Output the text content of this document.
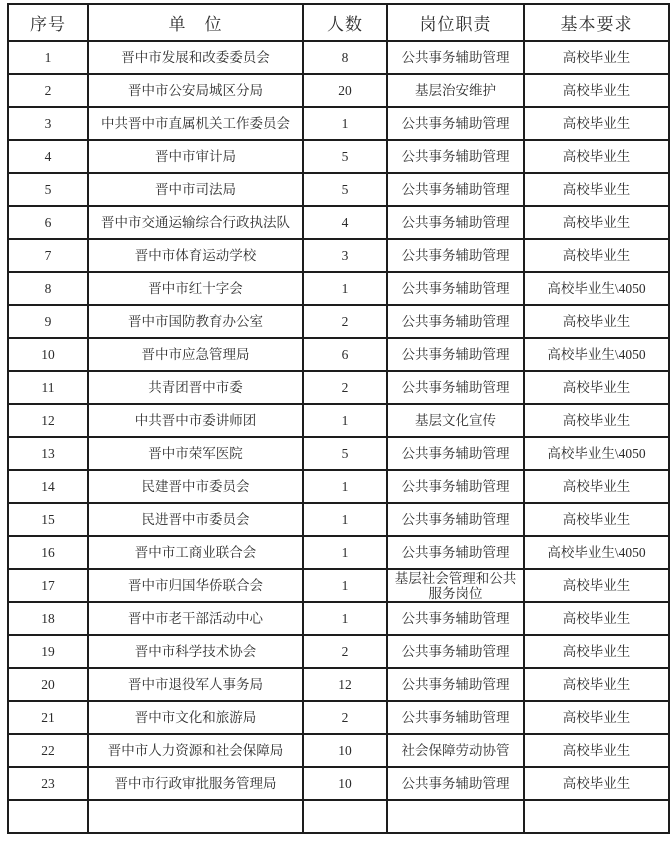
序号	单　位	人数	岗位职责	基本要求
1	晋中市发展和改委委员会	8	公共事务辅助管理	高校毕业生
2	晋中市公安局城区分局	20	基层治安维护	高校毕业生
3	中共晋中市直属机关工作委员会	1	公共事务辅助管理	高校毕业生
4	晋中市审计局	5	公共事务辅助管理	高校毕业生
5	晋中市司法局	5	公共事务辅助管理	高校毕业生
6	晋中市交通运输综合行政执法队	4	公共事务辅助管理	高校毕业生
7	晋中市体育运动学校	3	公共事务辅助管理	高校毕业生
8	晋中市红十字会	1	公共事务辅助管理	高校毕业生\4050
9	晋中市国防教育办公室	2	公共事务辅助管理	高校毕业生
10	晋中市应急管理局	6	公共事务辅助管理	高校毕业生\4050
11	共青团晋中市委	2	公共事务辅助管理	高校毕业生
12	中共晋中市委讲师团	1	基层文化宣传	高校毕业生
13	晋中市荣军医院	5	公共事务辅助管理	高校毕业生\4050
14	民建晋中市委员会	1	公共事务辅助管理	高校毕业生
15	民进晋中市委员会	1	公共事务辅助管理	高校毕业生
16	晋中市工商业联合会	1	公共事务辅助管理	高校毕业生\4050
17	晋中市归国华侨联合会	1	基层社会管理和公共服务岗位	高校毕业生
18	晋中市老干部活动中心	1	公共事务辅助管理	高校毕业生
19	晋中市科学技术协会	2	公共事务辅助管理	高校毕业生
20	晋中市退役军人事务局	12	公共事务辅助管理	高校毕业生
21	晋中市文化和旅游局	2	公共事务辅助管理	高校毕业生
22	晋中市人力资源和社会保障局	10	社会保障劳动协管	高校毕业生
23	晋中市行政审批服务管理局	10	公共事务辅助管理	高校毕业生
